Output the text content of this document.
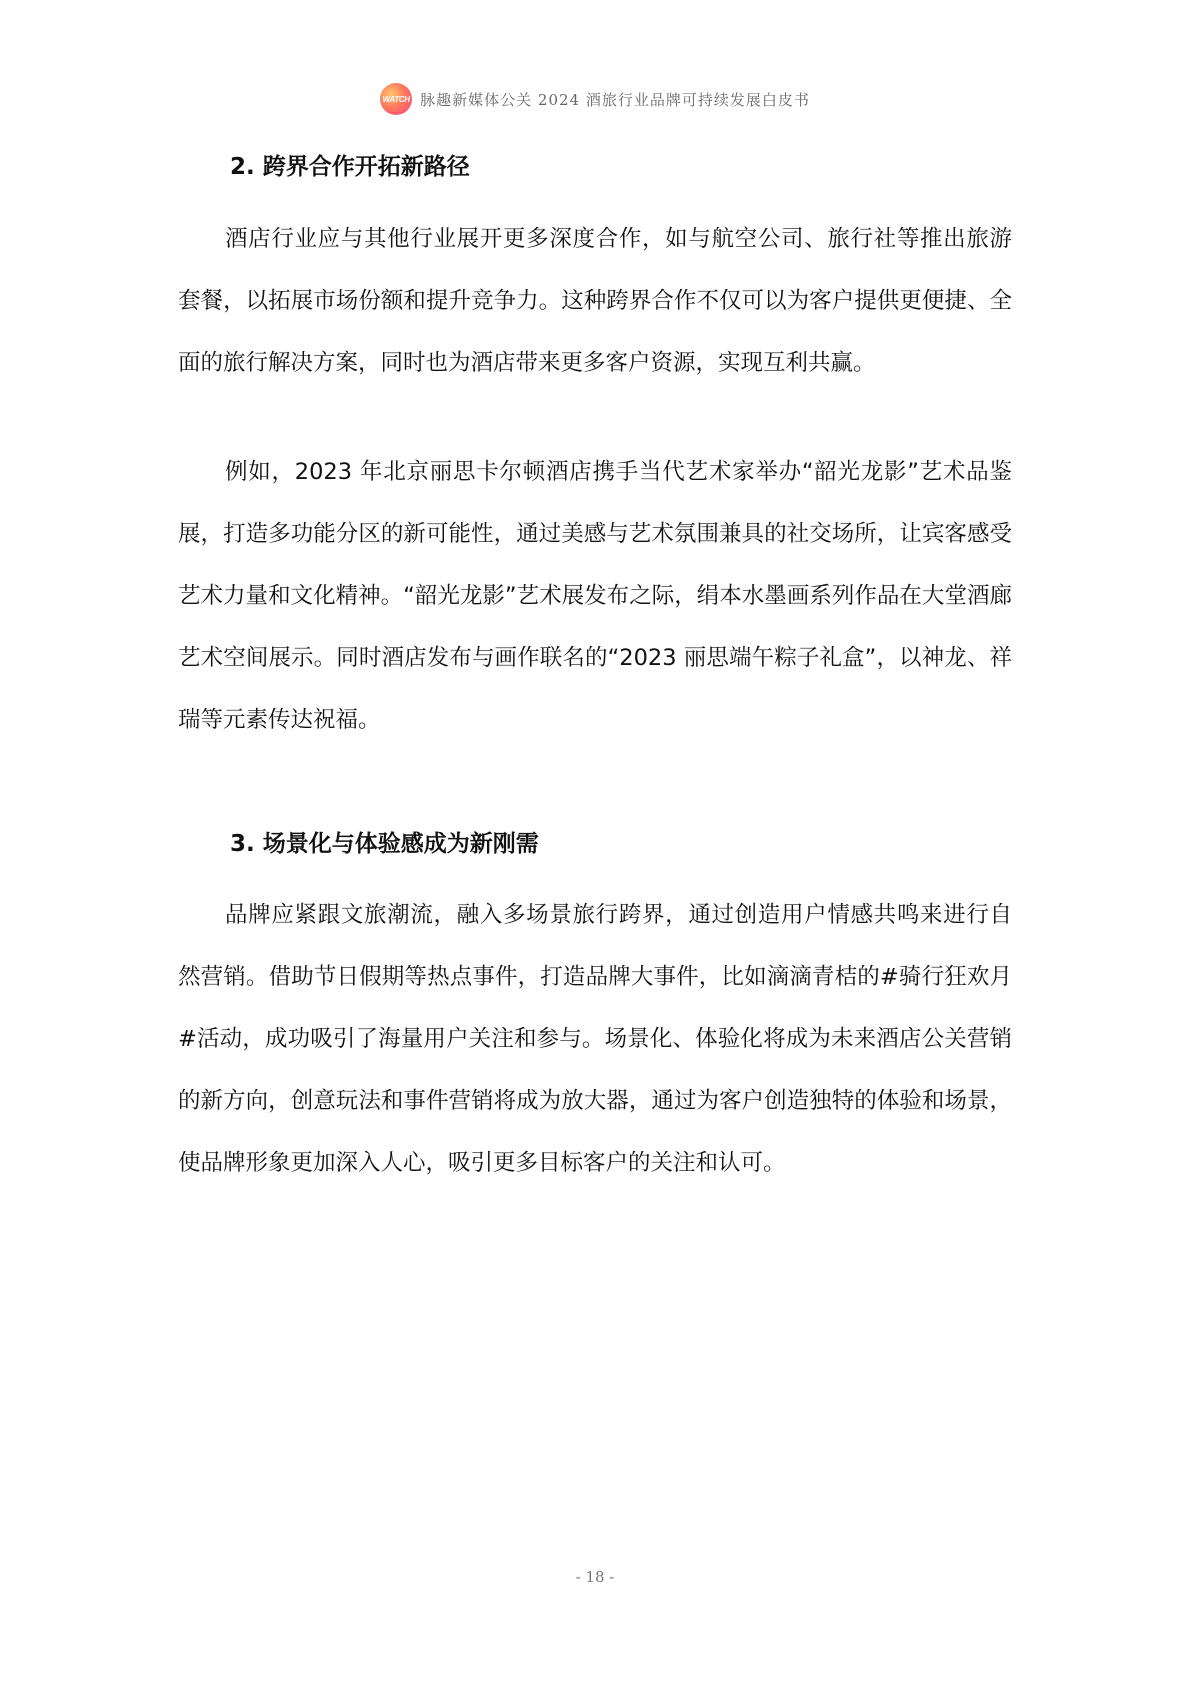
WATCH 脉趣新媒体公关 2024 酒旅行业品牌可持续发展白皮书
2. 跨界合作开拓新路径

酒店行业应与其他行业展开更多深度合作，如与航空公司、旅行社等推出旅游套餐，以拓展市场份额和提升竞争力。这种跨界合作不仅可以为客户提供更便捷、全面的旅行解决方案，同时也为酒店带来更多客户资源，实现互利共赢。

例如，2023 年北京丽思卡尔顿酒店携手当代艺术家举办“韶光龙影”艺术品鉴展，打造多功能分区的新可能性，通过美感与艺术氛围兼具的社交场所，让宾客感受艺术力量和文化精神。“韶光龙影”艺术展发布之际，绢本水墨画系列作品在大堂酒廊艺术空间展示。同时酒店发布与画作联名的“2023 丽思端午粽子礼盒”，以神龙、祥瑞等元素传达祝福。

3. 场景化与体验感成为新刚需

品牌应紧跟文旅潮流，融入多场景旅行跨界，通过创造用户情感共鸣来进行自然营销。借助节日假期等热点事件，打造品牌大事件，比如滴滴青桔的#骑行狂欢月#活动，成功吸引了海量用户关注和参与。场景化、体验化将成为未来酒店公关营销的新方向，创意玩法和事件营销将成为放大器，通过为客户创造独特的体验和场景，使品牌形象更加深入人心，吸引更多目标客户的关注和认可。

- 18 -
